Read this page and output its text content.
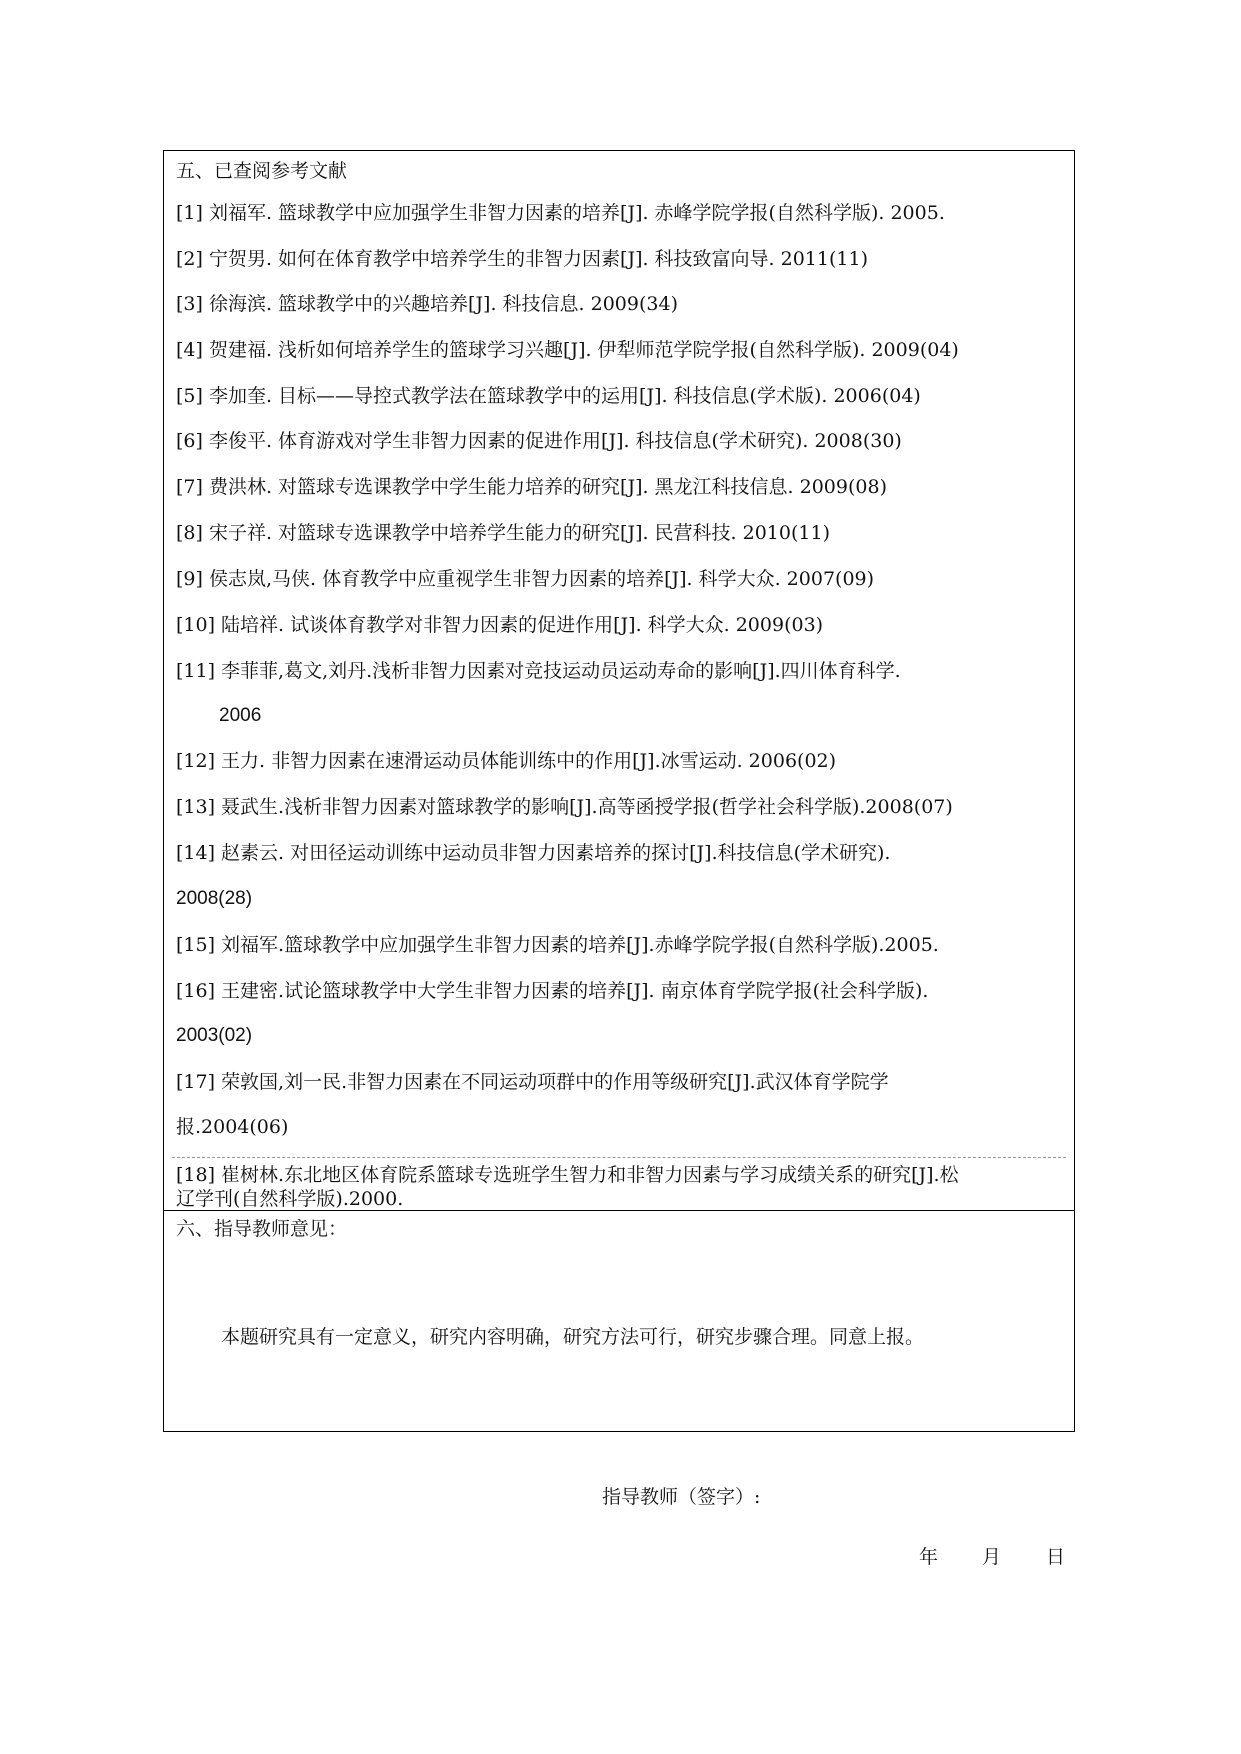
五、已查阅参考文献
[1] 刘福军. 篮球教学中应加强学生非智力因素的培养[J]. 赤峰学院学报(自然科学版). 2005.
[2] 宁贺男. 如何在体育教学中培养学生的非智力因素[J]. 科技致富向导. 2011(11)
[3] 徐海滨. 篮球教学中的兴趣培养[J]. 科技信息. 2009(34)
[4] 贺建福. 浅析如何培养学生的篮球学习兴趣[J]. 伊犁师范学院学报(自然科学版). 2009(04)
[5] 李加奎. 目标——导控式教学法在篮球教学中的运用[J]. 科技信息(学术版). 2006(04)
[6] 李俊平. 体育游戏对学生非智力因素的促进作用[J]. 科技信息(学术研究). 2008(30)
[7] 费洪林. 对篮球专选课教学中学生能力培养的研究[J]. 黑龙江科技信息. 2009(08)
[8] 宋子祥. 对篮球专选课教学中培养学生能力的研究[J]. 民营科技. 2010(11)
[9] 侯志岚,马侠. 体育教学中应重视学生非智力因素的培养[J]. 科学大众. 2007(09)
[10] 陆培祥. 试谈体育教学对非智力因素的促进作用[J]. 科学大众. 2009(03)
[11] 李菲菲,葛文,刘丹.浅析非智力因素对竞技运动员运动寿命的影响[J].四川体育科学.
2006
[12] 王力. 非智力因素在速滑运动员体能训练中的作用[J].冰雪运动. 2006(02)
[13] 聂武生.浅析非智力因素对篮球教学的影响[J].高等函授学报(哲学社会科学版).2008(07)
[14] 赵素云. 对田径运动训练中运动员非智力因素培养的探讨[J].科技信息(学术研究).
2008(28)
[15] 刘福军.篮球教学中应加强学生非智力因素的培养[J].赤峰学院学报(自然科学版).2005.
[16] 王建密.试论篮球教学中大学生非智力因素的培养[J]. 南京体育学院学报(社会科学版).
2003(02)
[17] 荣敦国,刘一民.非智力因素在不同运动项群中的作用等级研究[J].武汉体育学院学
报.2004(06)
[18] 崔树林.东北地区体育院系篮球专选班学生智力和非智力因素与学习成绩关系的研究[J].松
辽学刊(自然科学版).2000.
六、指导教师意见：
本题研究具有一定意义，研究内容明确，研究方法可行，研究步骤合理。同意上报。
指导教师（签字）:
年 月 日
